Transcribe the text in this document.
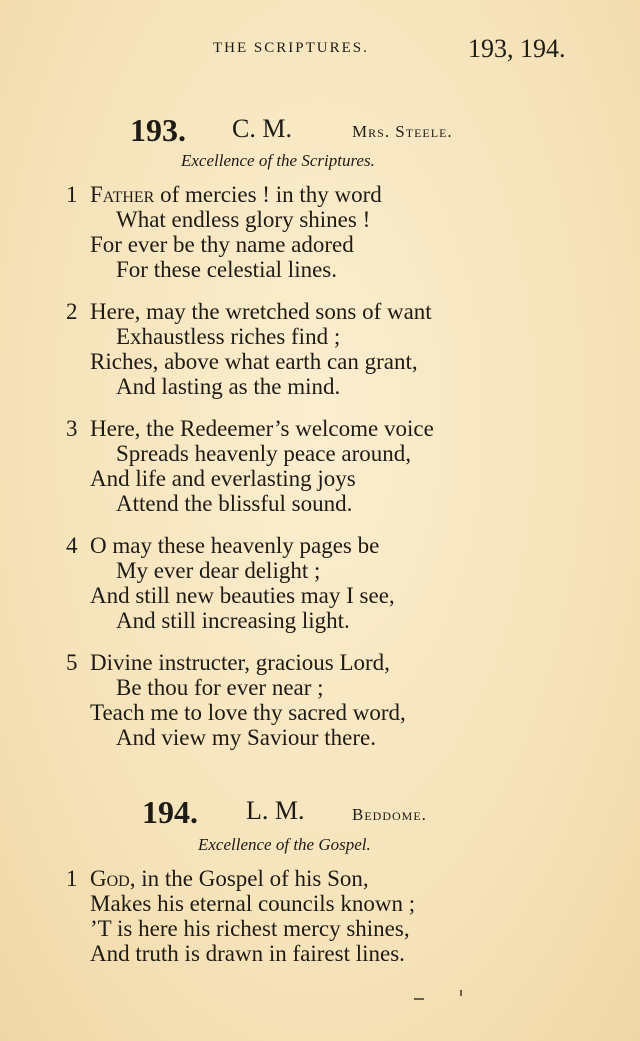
THE SCRIPTURES.	193, 194.
193. C. M.	Mrs. Steele.
Excellence of the Scriptures.
1 Father of mercies ! in thy word
What endless glory shines !
For ever be thy name adored
For these celestial lines.
2 Here, may the wretched sons of want
Exhaustless riches find ;
Riches, above what earth can grant,
And lasting as the mind.
3 Here, the Redeemer’s welcome voice
Spreads heavenly peace around,
And life and everlasting joys
Attend the blissful sound.
4 O may these heavenly pages be
My ever dear delight ;
And still new beauties may I see,
And still increasing light.
5 Divine instructer, gracious Lord,
Be thou for ever near ;
Teach me to love thy sacred word,
And view my Saviour there.
194. L. M.	Beddome.
Excellence of the Gospel.
1 God, in the Gospel of his Son,
Makes his eternal councils known ;
’T is here his richest mercy shines,
And truth is drawn in fairest lines.
